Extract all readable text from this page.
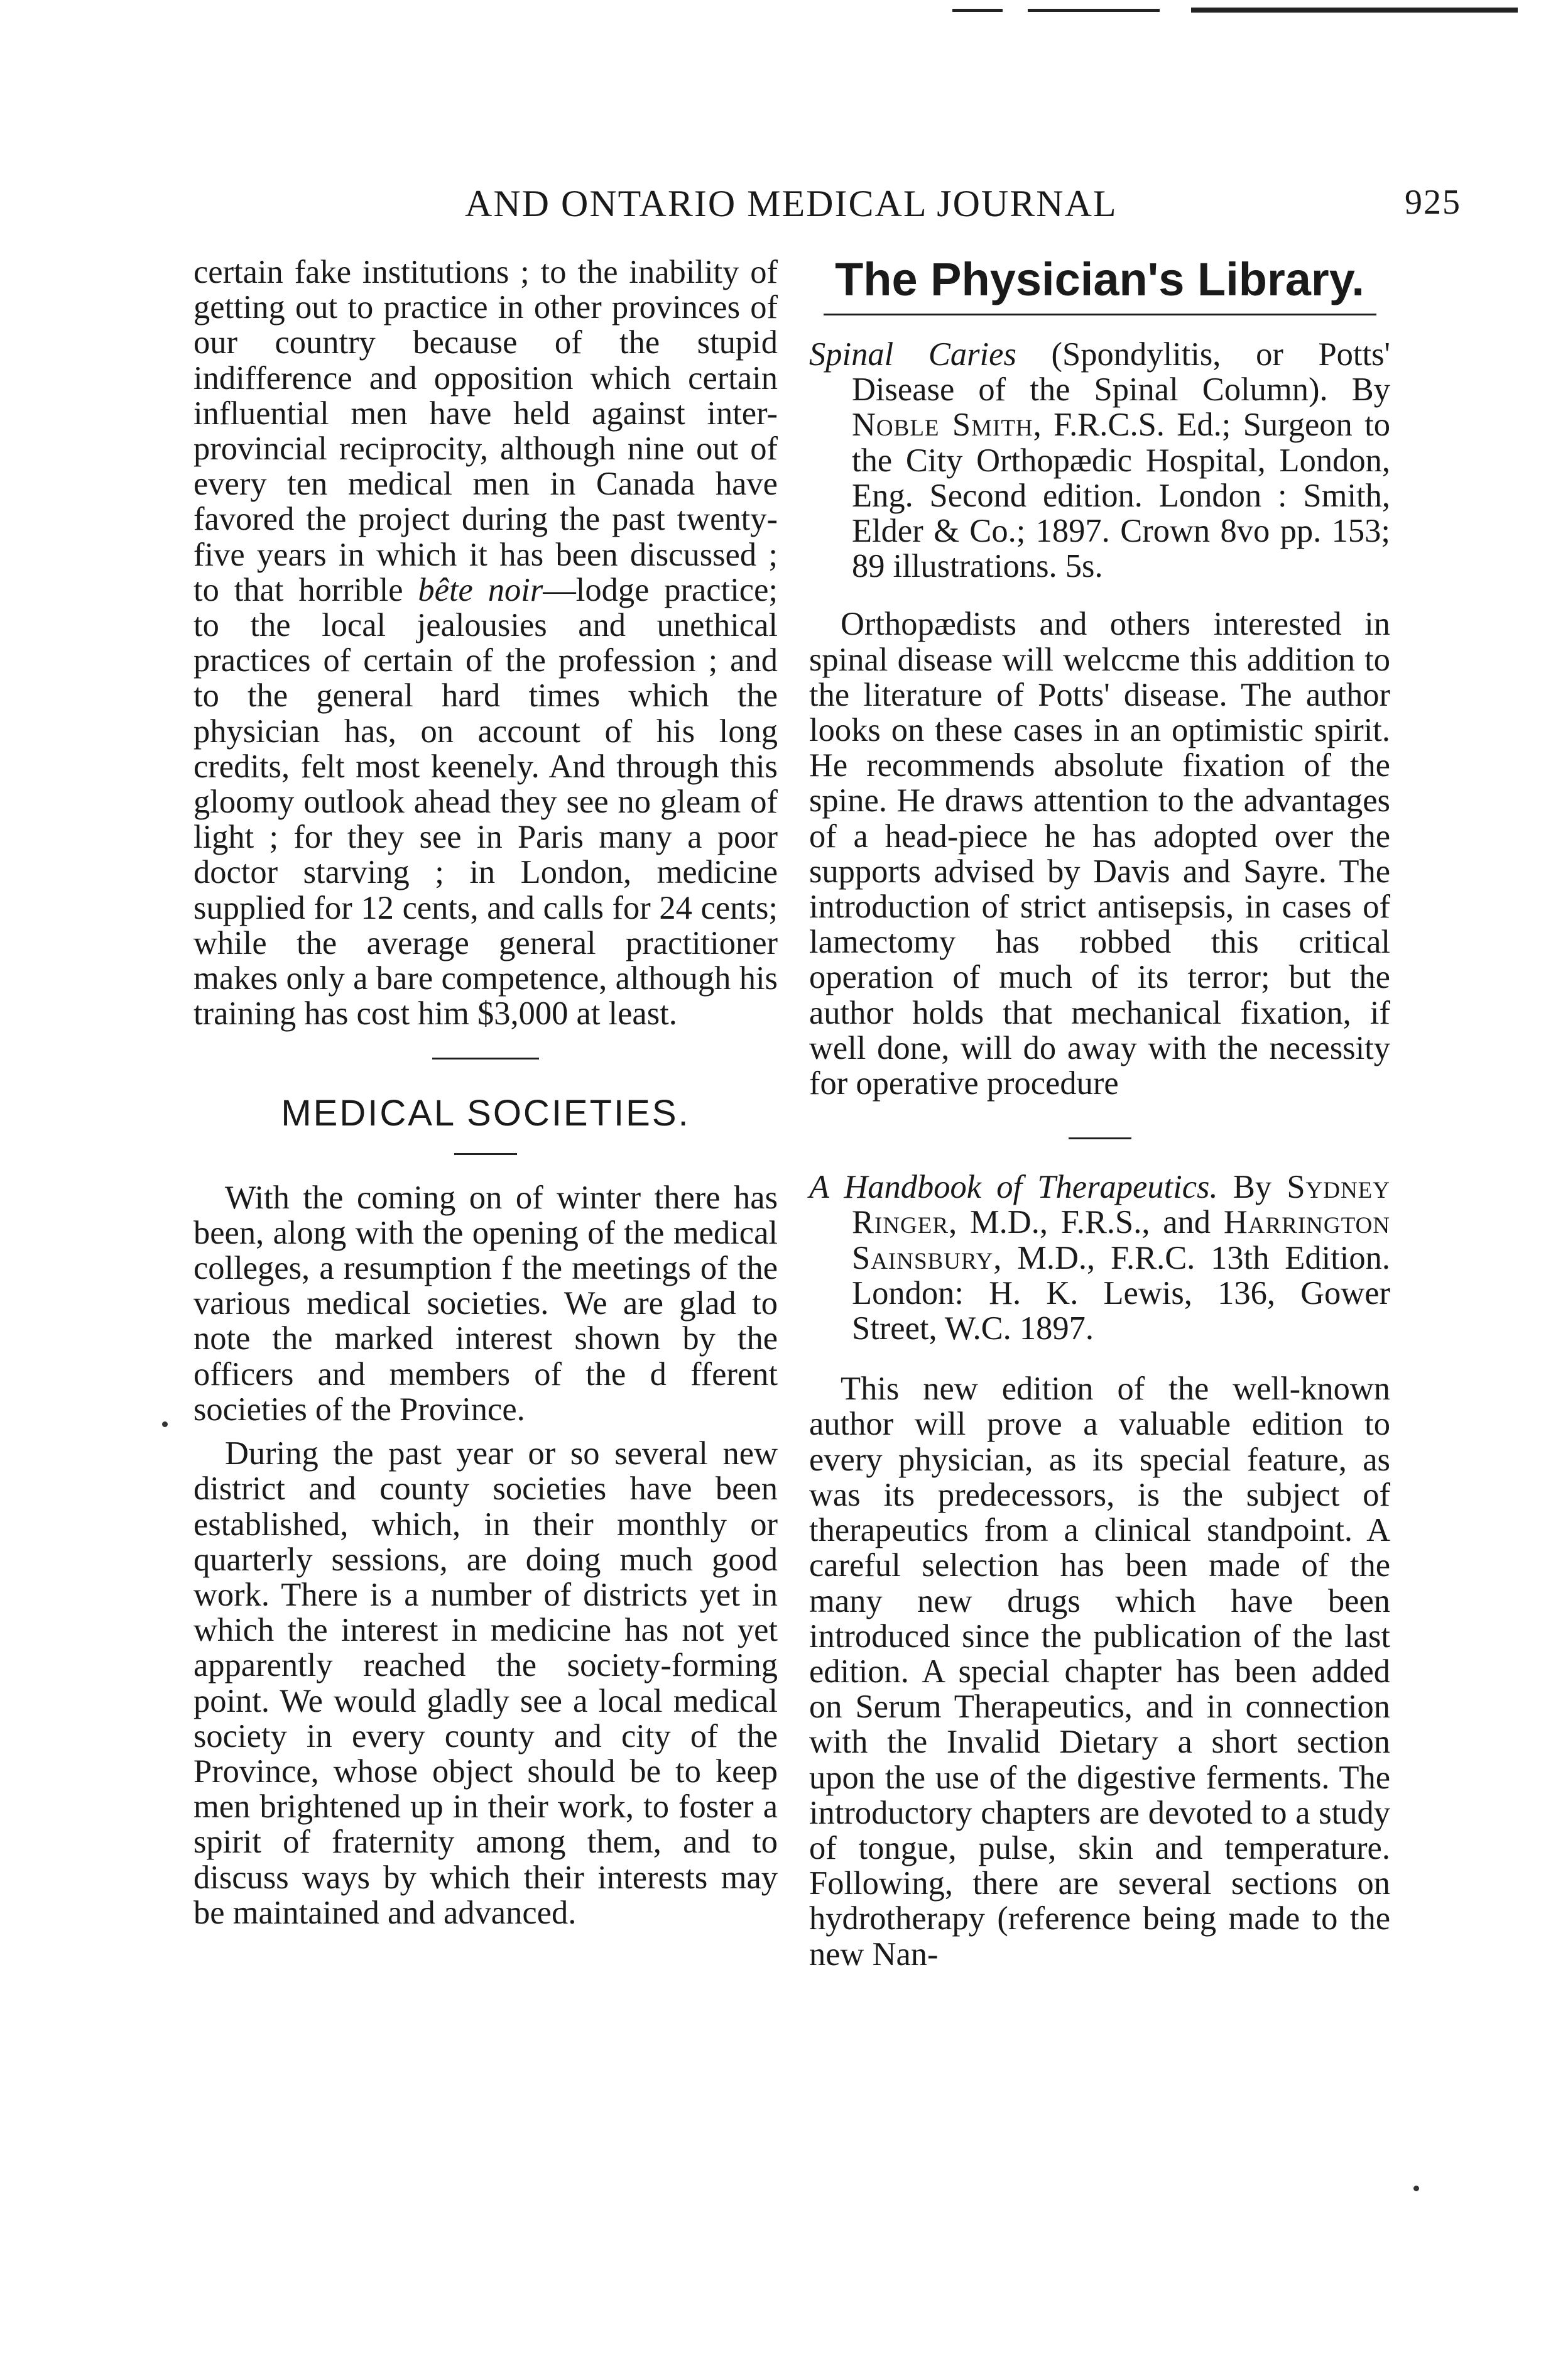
AND ONTARIO MEDICAL JOURNAL	925

certain fake institutions ; to the inability of getting out to practice in other provinces of our country because of the stupid indifference and opposition which certain influential men have held against inter-provincial reciprocity, although nine out of every ten medical men in Canada have favored the project during the past twenty-five years in which it has been discussed ; to that horrible bête noir—lodge practice; to the local jealousies and unethical practices of certain of the profession ; and to the general hard times which the physician has, on account of his long credits, felt most keenely. And through this gloomy outlook ahead they see no gleam of light ; for they see in Paris many a poor doctor starving ; in London, medicine supplied for 12 cents, and calls for 24 cents; while the average general practitioner makes only a bare competence, although his training has cost him $3,000 at least.

MEDICAL SOCIETIES.

With the coming on of winter there has been, along with the opening of the medical colleges, a resumption f the meetings of the various medical societies. We are glad to note the marked interest shown by the officers and members of the d fferent societies of the Province.

During the past year or so several new district and county societies have been established, which, in their monthly or quarterly sessions, are doing much good work. There is a number of districts yet in which the interest in medicine has not yet apparently reached the society-forming point. We would gladly see a local medical society in every county and city of the Province, whose object should be to keep men brightened up in their work, to foster a spirit of fraternity among them, and to discuss ways by which their interests may be maintained and advanced.

The Physician's Library.

Spinal Caries (Spondylitis, or Potts' Disease of the Spinal Column). By Noble Smith, F.R.C.S. Ed.; Surgeon to the City Orthopædic Hospital, London, Eng. Second edition. London : Smith, Elder & Co.; 1897. Crown 8vo pp. 153; 89 illustrations. 5s.

Orthopædists and others interested in spinal disease will welccme this addition to the literature of Potts' disease. The author looks on these cases in an optimistic spirit. He recommends absolute fixation of the spine. He draws attention to the advantages of a head-piece he has adopted over the supports advised by Davis and Sayre. The introduction of strict antisepsis, in cases of lamectomy has robbed this critical operation of much of its terror; but the author holds that mechanical fixation, if well done, will do away with the necessity for operative procedure

A Handbook of Therapeutics. By Sydney Ringer, M.D., F.R.S., and Harrington Sainsbury, M.D., F.R.C. 13th Edition. London: H. K. Lewis, 136, Gower Street, W.C. 1897.

This new edition of the well-known author will prove a valuable edition to every physician, as its special feature, as was its predecessors, is the subject of therapeutics from a clinical standpoint. A careful selection has been made of the many new drugs which have been introduced since the publication of the last edition. A special chapter has been added on Serum Therapeutics, and in connection with the Invalid Dietary a short section upon the use of the digestive ferments. The introductory chapters are devoted to a study of tongue, pulse, skin and temperature. Following, there are several sections on hydrotherapy (reference being made to the new Nan-
